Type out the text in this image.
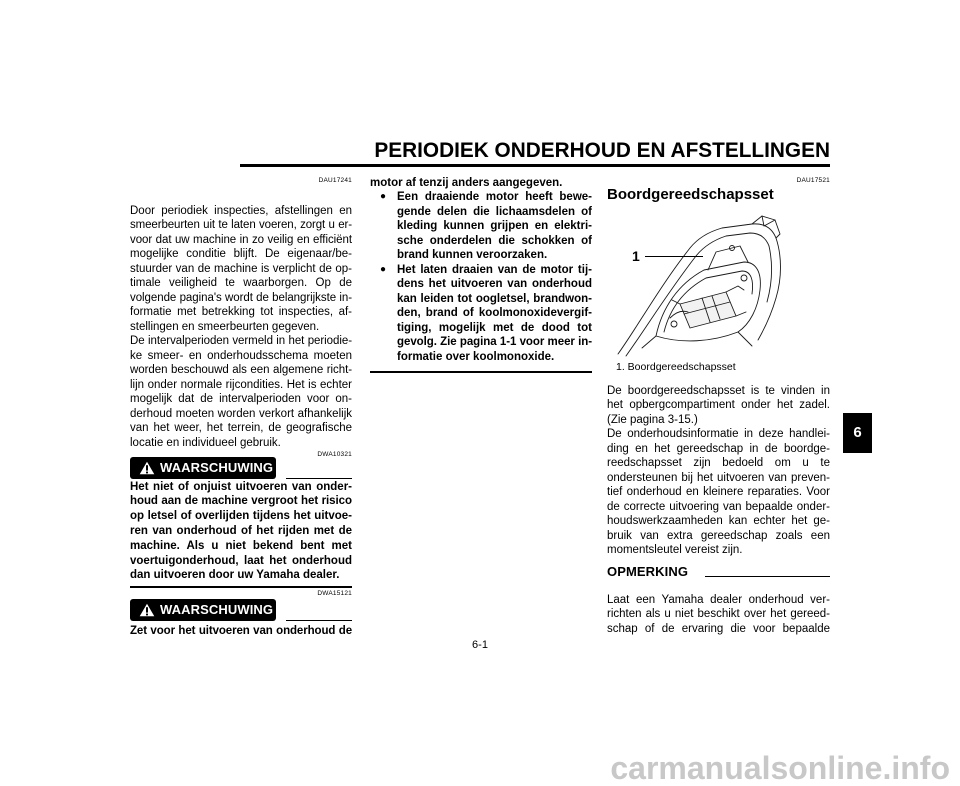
PERIODIEK ONDERHOUD EN AFSTELLINGEN
DAU17241
Door periodiek inspecties, afstellingen en
smeerbeurten uit te laten voeren, zorgt u er-
voor dat uw machine in zo veilig en efficiënt
mogelijke conditie blijft. De eigenaar/be-
stuurder van de machine is verplicht de op-
timale veiligheid te waarborgen. Op de
volgende pagina's wordt de belangrijkste in-
formatie met betrekking tot inspecties, af-
stellingen en smeerbeurten gegeven.
De intervalperioden vermeld in het periodie-
ke smeer- en onderhoudsschema moeten
worden beschouwd als een algemene richt-
lijn onder normale rijcondities. Het is echter
mogelijk dat de intervalperioden voor on-
derhoud moeten worden verkort afhankelijk
van het weer, het terrein, de geografische
locatie en individueel gebruik.
DWA10321
WAARSCHUWING
Het niet of onjuist uitvoeren van onder-
houd aan de machine vergroot het risico
op letsel of overlijden tijdens het uitvoe-
ren van onderhoud of het rijden met de
machine. Als u niet bekend bent met
voertuigonderhoud, laat het onderhoud
dan uitvoeren door uw Yamaha dealer.
DWA15121
WAARSCHUWING
Zet voor het uitvoeren van onderhoud de
motor af tenzij anders aangegeven.
● Een draaiende motor heeft bewe-
gende delen die lichaamsdelen of
kleding kunnen grijpen en elektri-
sche onderdelen die schokken of
brand kunnen veroorzaken.
● Het laten draaien van de motor tij-
dens het uitvoeren van onderhoud
kan leiden tot oogletsel, brandwon-
den, brand of koolmonoxidevergif-
tiging, mogelijk met de dood tot
gevolg. Zie pagina 1-1 voor meer in-
formatie over koolmonoxide.
6-1
DAU17521
Boordgereedschapsset
1
1. Boordgereedschapsset
De boordgereedschapsset is te vinden in
het opbergcompartiment onder het zadel.
(Zie pagina 3-15.)
De onderhoudsinformatie in deze handlei-
ding en het gereedschap in de boordge-
reedschapsset zijn bedoeld om u te
ondersteunen bij het uitvoeren van preven-
tief onderhoud en kleinere reparaties. Voor
de correcte uitvoering van bepaalde onder-
houdswerkzaamheden kan echter het ge-
bruik van extra gereedschap zoals een
momentsleutel vereist zijn.
OPMERKING
Laat een Yamaha dealer onderhoud ver-
richten als u niet beschikt over het gereed-
schap of de ervaring die voor bepaalde
6
carmanualsonline.info
